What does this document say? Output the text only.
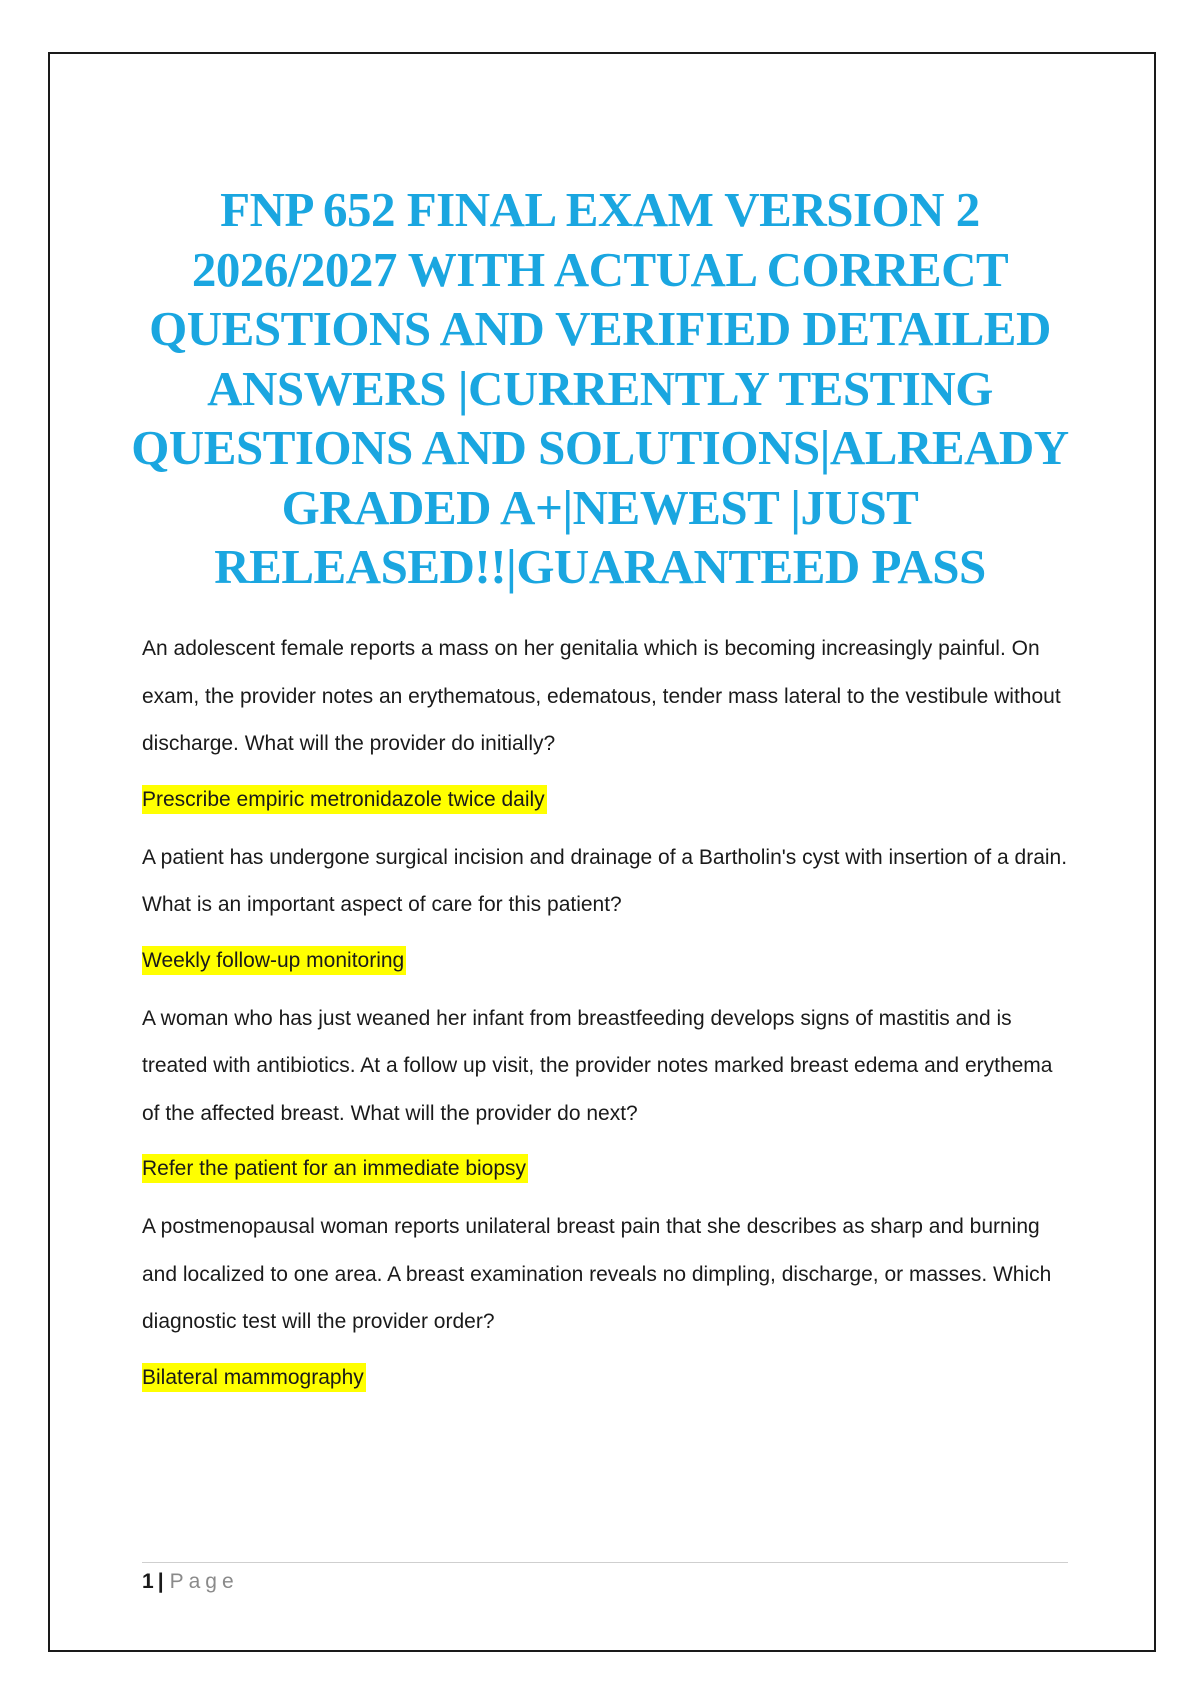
FNP 652 FINAL EXAM VERSION 2 2026/2027 WITH ACTUAL CORRECT QUESTIONS AND VERIFIED DETAILED ANSWERS |CURRENTLY TESTING QUESTIONS AND SOLUTIONS|ALREADY GRADED A+|NEWEST |JUST RELEASED!!|GUARANTEED PASS

An adolescent female reports a mass on her genitalia which is becoming increasingly painful. On exam, the provider notes an erythematous, edematous, tender mass lateral to the vestibule without discharge. What will the provider do initially?

Prescribe empiric metronidazole twice daily

A patient has undergone surgical incision and drainage of a Bartholin's cyst with insertion of a drain. What is an important aspect of care for this patient?

Weekly follow-up monitoring

A woman who has just weaned her infant from breastfeeding develops signs of mastitis and is treated with antibiotics. At a follow up visit, the provider notes marked breast edema and erythema of the affected breast. What will the provider do next?

Refer the patient for an immediate biopsy

A postmenopausal woman reports unilateral breast pain that she describes as sharp and burning and localized to one area. A breast examination reveals no dimpling, discharge, or masses. Which diagnostic test will the provider order?

Bilateral mammography
1 | Page
